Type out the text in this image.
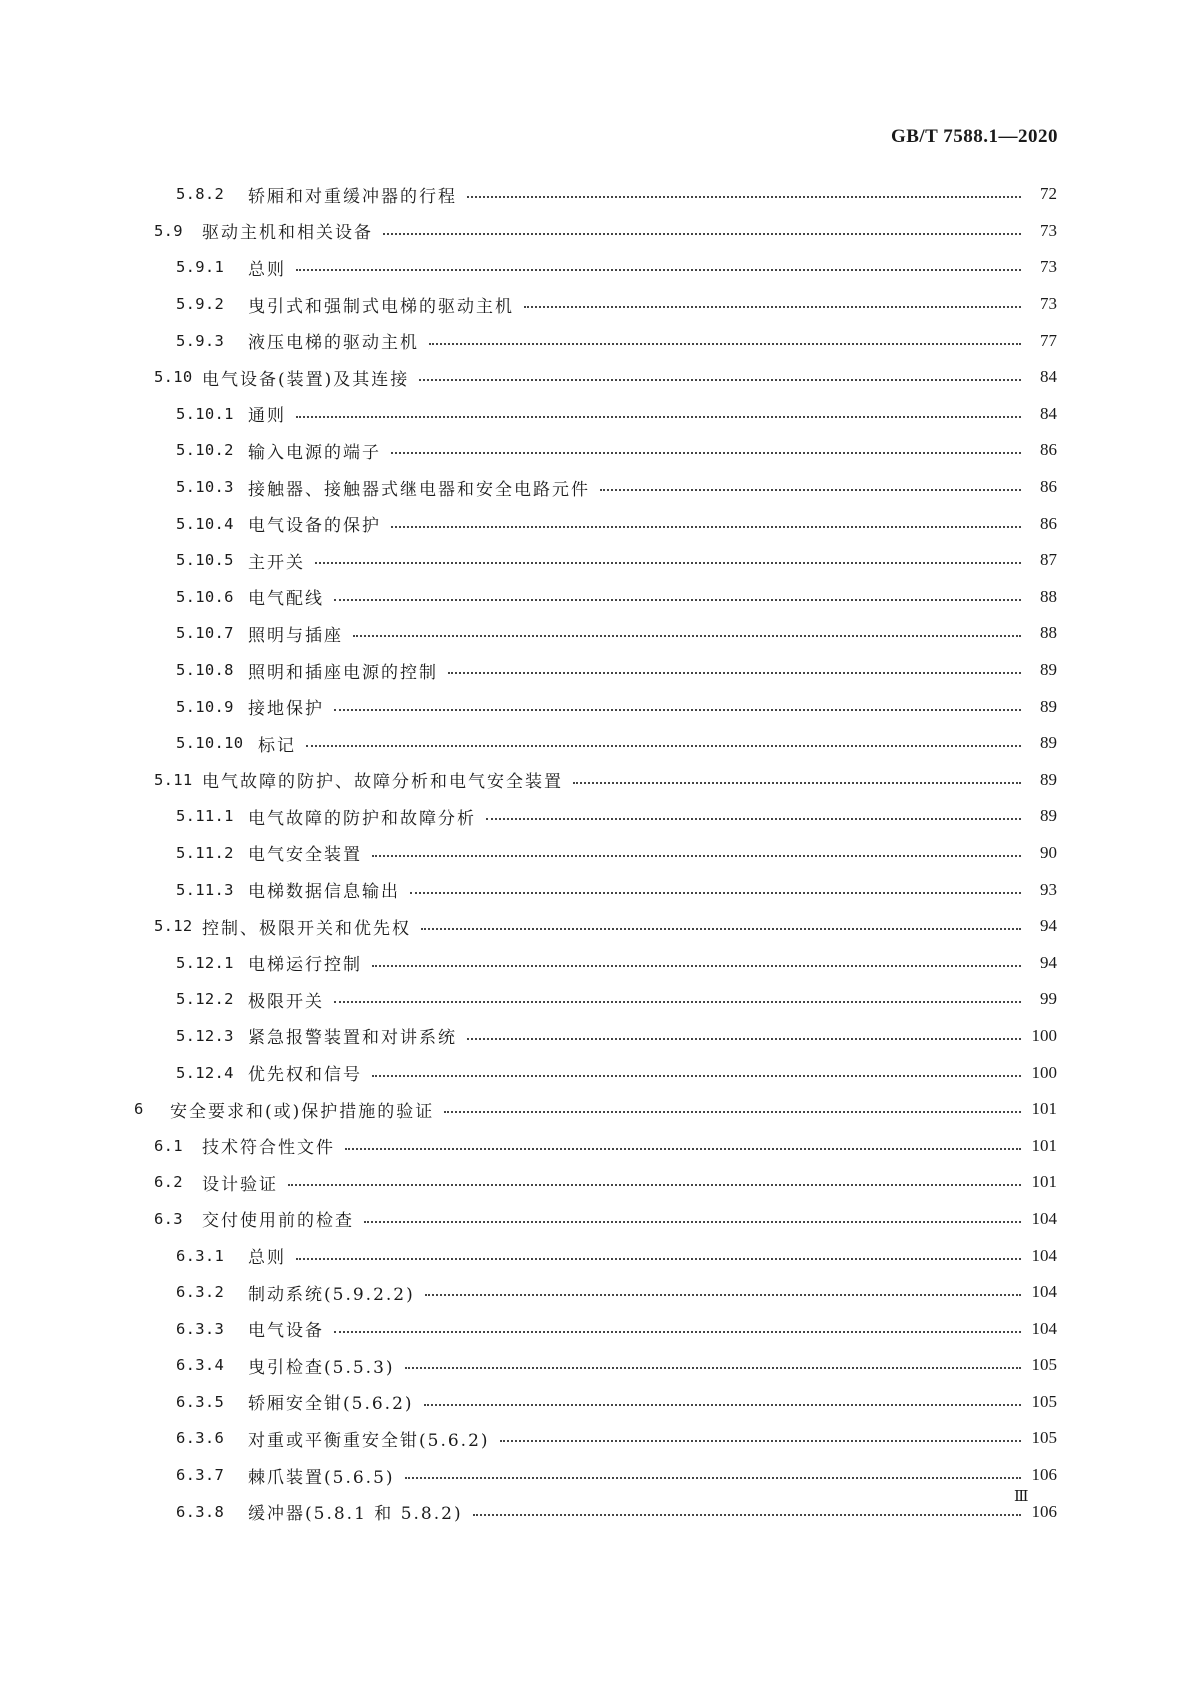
GB/T 7588.1—2020
5.8.2	轿厢和对重缓冲器的行程	72
5.9	驱动主机和相关设备	73
5.9.1	总则	73
5.9.2	曳引式和强制式电梯的驱动主机	73
5.9.3	液压电梯的驱动主机	77
5.10 电气设备(装置)及其连接	84
5.10.1 通则	84
5.10.2 输入电源的端子	86
5.10.3 接触器、接触器式继电器和安全电路元件	86
5.10.4 电气设备的保护	86
5.10.5 主开关	87
5.10.6 电气配线	88
5.10.7 照明与插座	88
5.10.8 照明和插座电源的控制	89
5.10.9 接地保护	89
5.10.10 标记	89
5.11 电气故障的防护、故障分析和电气安全装置	89
5.11.1 电气故障的防护和故障分析	89
5.11.2 电气安全装置	90
5.11.3 电梯数据信息输出	93
5.12 控制、极限开关和优先权	94
5.12.1 电梯运行控制	94
5.12.2 极限开关	99
5.12.3 紧急报警装置和对讲系统	100
5.12.4 优先权和信号	100
6	安全要求和(或)保护措施的验证	101
6.1	技术符合性文件	101
6.2	设计验证	101
6.3	交付使用前的检查	104
6.3.1	总则	104
6.3.2	制动系统(5.9.2.2)	104
6.3.3	电气设备	104
6.3.4	曳引检查(5.5.3)	105
6.3.5	轿厢安全钳(5.6.2)	105
6.3.6	对重或平衡重安全钳(5.6.2)	105
6.3.7	棘爪装置(5.6.5)	106
6.3.8	缓冲器(5.8.1 和 5.8.2)	106
Ⅲ
